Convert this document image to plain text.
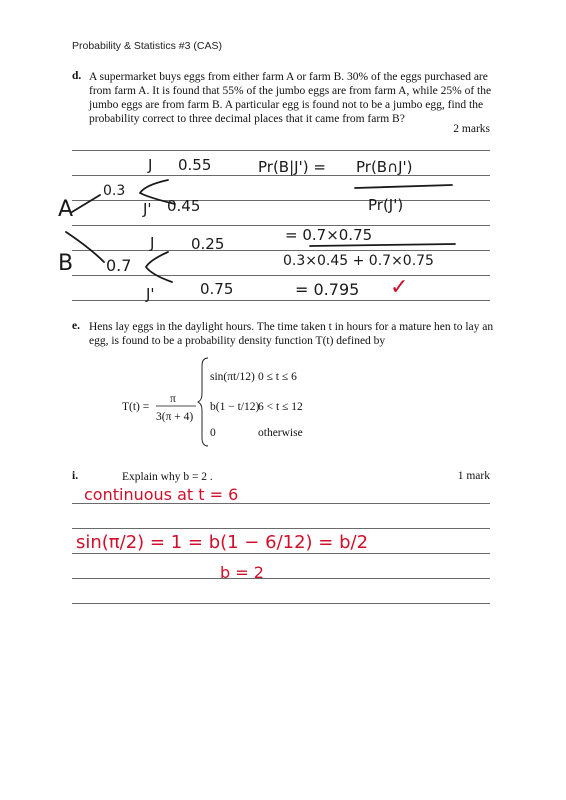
Probability & Statistics #3 (CAS)
d. A supermarket buys eggs from either farm A or farm B. 30% of the eggs purchased are
from farm A. It is found that 55% of the jumbo eggs are from farm A, while 25% of the
jumbo eggs are from farm B. A particular egg is found not to be a jumbo egg, find the
probability correct to three decimal places that it came from farm B?
2 marks
A
B
0.3
0.7
J 0.55
J' 0.45
J 0.25
J'	0.75
Pr(B|J') = Pr(B∩J')
Pr(J')
= 0.7×0.75
0.3×0.45 + 0.7×0.75
= 0.795 ✓
e. Hens lay eggs in the daylight hours. The time taken t in hours for a mature hen to lay an
egg, is found to be a probability density function T(t) defined by
T(t) =
π
3(π + 4)
sin(πt/12) 0 ≤ t ≤ 6
b(1 − t/12)
6 < t ≤ 12
0	otherwise
i.	Explain why b = 2 .	1 mark
continuous at t = 6
sin(π/2) = 1 = b(1 − 6/12) = b/2
b = 2
